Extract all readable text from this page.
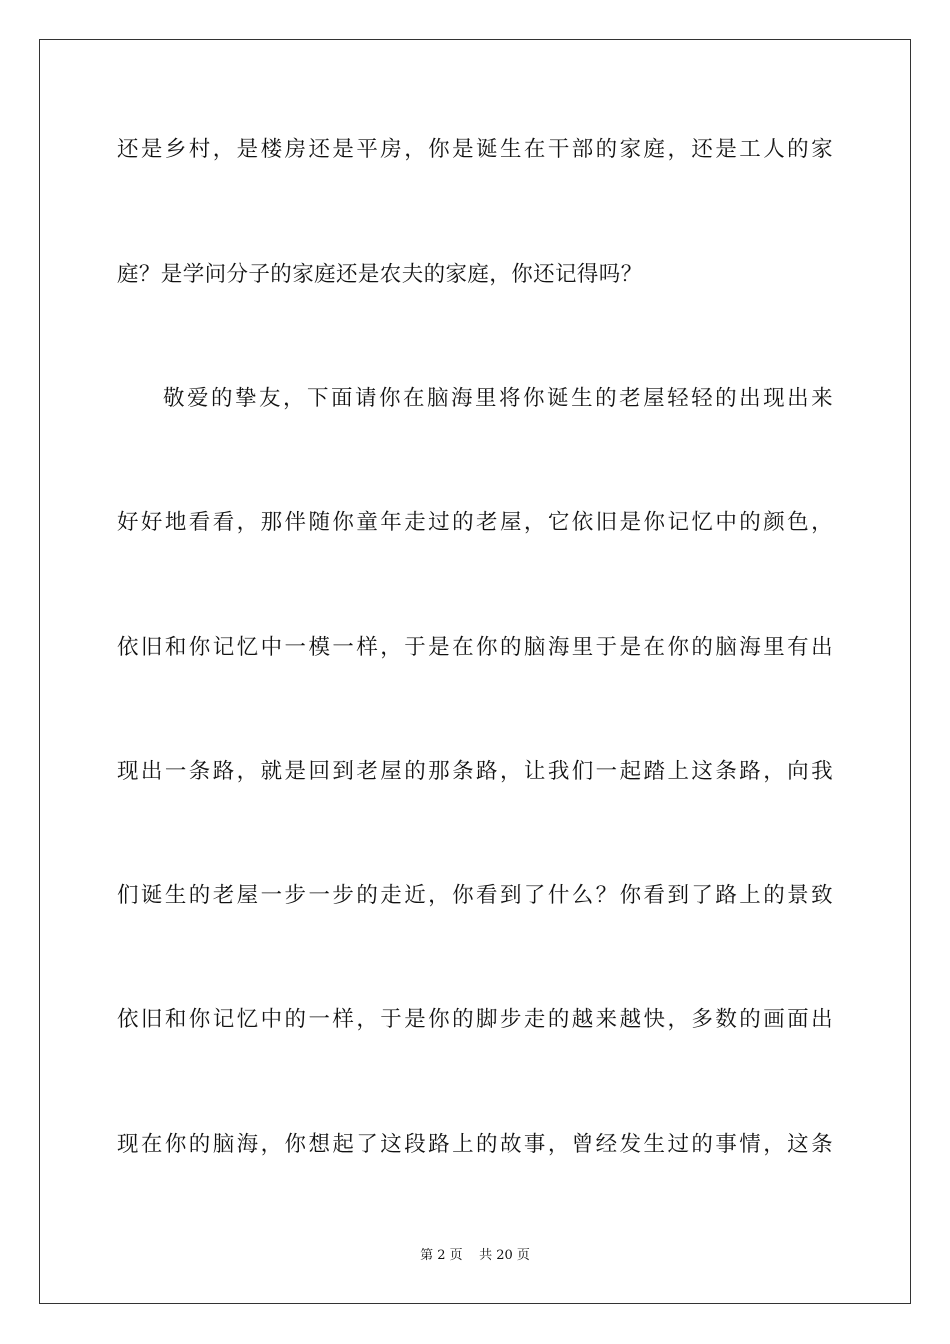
还是乡村，是楼房还是平房，你是诞生在干部的家庭，还是工人的家
庭？是学问分子的家庭还是农夫的家庭，你还记得吗？
敬爱的挚友，下面请你在脑海里将你诞生的老屋轻轻的出现出来
好好地看看，那伴随你童年走过的老屋，它依旧是你记忆中的颜色，
依旧和你记忆中一模一样，于是在你的脑海里于是在你的脑海里有出
现出一条路，就是回到老屋的那条路，让我们一起踏上这条路，向我
们诞生的老屋一步一步的走近，你看到了什么？你看到了路上的景致
依旧和你记忆中的一样，于是你的脚步走的越来越快，多数的画面出
现在你的脑海，你想起了这段路上的故事，曾经发生过的事情，这条
第 2 页    共 20 页
